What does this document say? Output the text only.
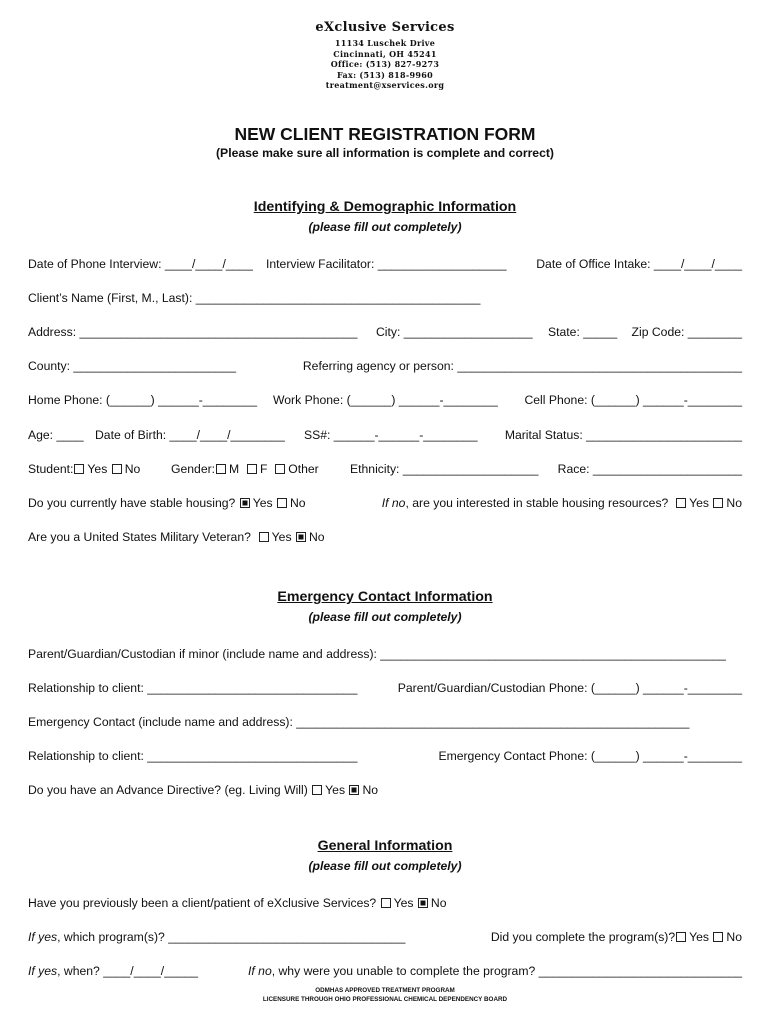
eXclusive Services
11134 Luschek Drive
Cincinnati, OH 45241
Office: (513) 827-9273
Fax: (513) 818-9960
treatment@xservices.org
NEW CLIENT REGISTRATION FORM
(Please make sure all information is complete and correct)
Identifying & Demographic Information
(please fill out completely)
Date of Phone Interview: ____/____/____ Interview Facilitator: ___________________ Date of Office Intake: ____/____/____
Client’s Name (First, M., Last): __________________________________________
Address: _________________________________________ City: ___________________ State: _____ Zip Code: ________
County: ________________________	Referring agency or person: __________________________________________
Home Phone: (______) ______-________ Work Phone: (______) ______-________ Cell Phone: (______) ______-________
Age: ____ Date of Birth: ____/____/________ SS#: ______-______-________ Marital Status: _______________________
Student: Yes No	Gender: M F Other	Ethnicity: ____________________ Race: ______________________
Do you currently have stable housing? Yes No	If no, are you interested in stable housing resources? Yes No
Are you a United States Military Veteran? Yes No
Emergency Contact Information
(please fill out completely)
Parent/Guardian/Custodian if minor (include name and address): ___________________________________________________
Relationship to client: _______________________________	Parent/Guardian/Custodian Phone: (______) ______-________
Emergency Contact (include name and address): __________________________________________________________
Relationship to client: _______________________________	Emergency Contact Phone: (______) ______-________
Do you have an Advance Directive? (eg. Living Will) Yes No
General Information
(please fill out completely)
Have you previously been a client/patient of eXclusive Services? Yes No
If yes, which program(s)? ___________________________________	Did you complete the program(s)? Yes No
If yes, when? ____/____/_____	If no, why were you unable to complete the program? ______________________________
ODMHAS APPROVED TREATMENT PROGRAM
LICENSURE THROUGH OHIO PROFESSIONAL CHEMICAL DEPENDENCY BOARD
